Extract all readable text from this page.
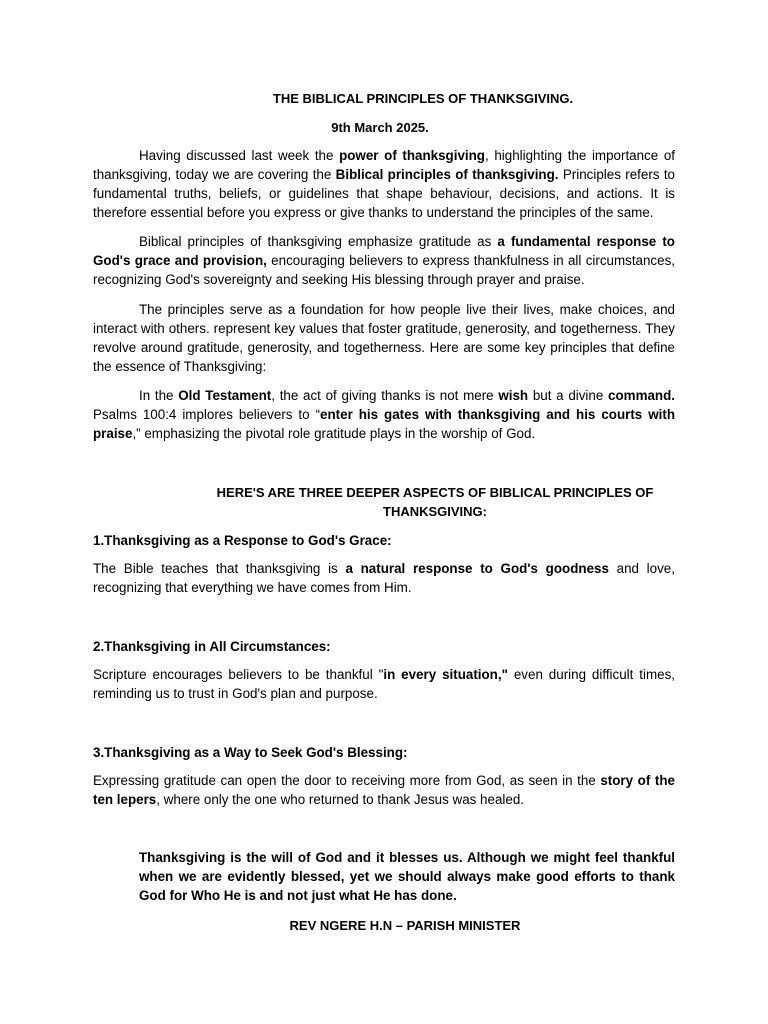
THE BIBLICAL PRINCIPLES OF THANKSGIVING.
9th March 2025.

Having discussed last week the power of thanksgiving, highlighting the importance of thanksgiving, today we are covering the Biblical principles of thanksgiving. Principles refers to fundamental truths, beliefs, or guidelines that shape behaviour, decisions, and actions. It is therefore essential before you express or give thanks to understand the principles of the same.

Biblical principles of thanksgiving emphasize gratitude as a fundamental response to God's grace and provision, encouraging believers to express thankfulness in all circumstances, recognizing God's sovereignty and seeking His blessing through prayer and praise.

The principles serve as a foundation for how people live their lives, make choices, and interact with others. represent key values that foster gratitude, generosity, and togetherness. They revolve around gratitude, generosity, and togetherness. Here are some key principles that define the essence of Thanksgiving:

In the Old Testament, the act of giving thanks is not mere wish but a divine command. Psalms 100:4 implores believers to “enter his gates with thanksgiving and his courts with praise,” emphasizing the pivotal role gratitude plays in the worship of God.

HERE'S ARE THREE DEEPER ASPECTS OF BIBLICAL PRINCIPLES OF THANKSGIVING:
1.Thanksgiving as a Response to God's Grace:

The Bible teaches that thanksgiving is a natural response to God's goodness and love, recognizing that everything we have comes from Him.

2.Thanksgiving in All Circumstances:

Scripture encourages believers to be thankful "in every situation," even during difficult times, reminding us to trust in God's plan and purpose.

3.Thanksgiving as a Way to Seek God's Blessing:

Expressing gratitude can open the door to receiving more from God, as seen in the story of the ten lepers, where only the one who returned to thank Jesus was healed.

Thanksgiving is the will of God and it blesses us. Although we might feel thankful when we are evidently blessed, yet we should always make good efforts to thank God for Who He is and not just what He has done.

REV NGERE H.N – PARISH MINISTER
